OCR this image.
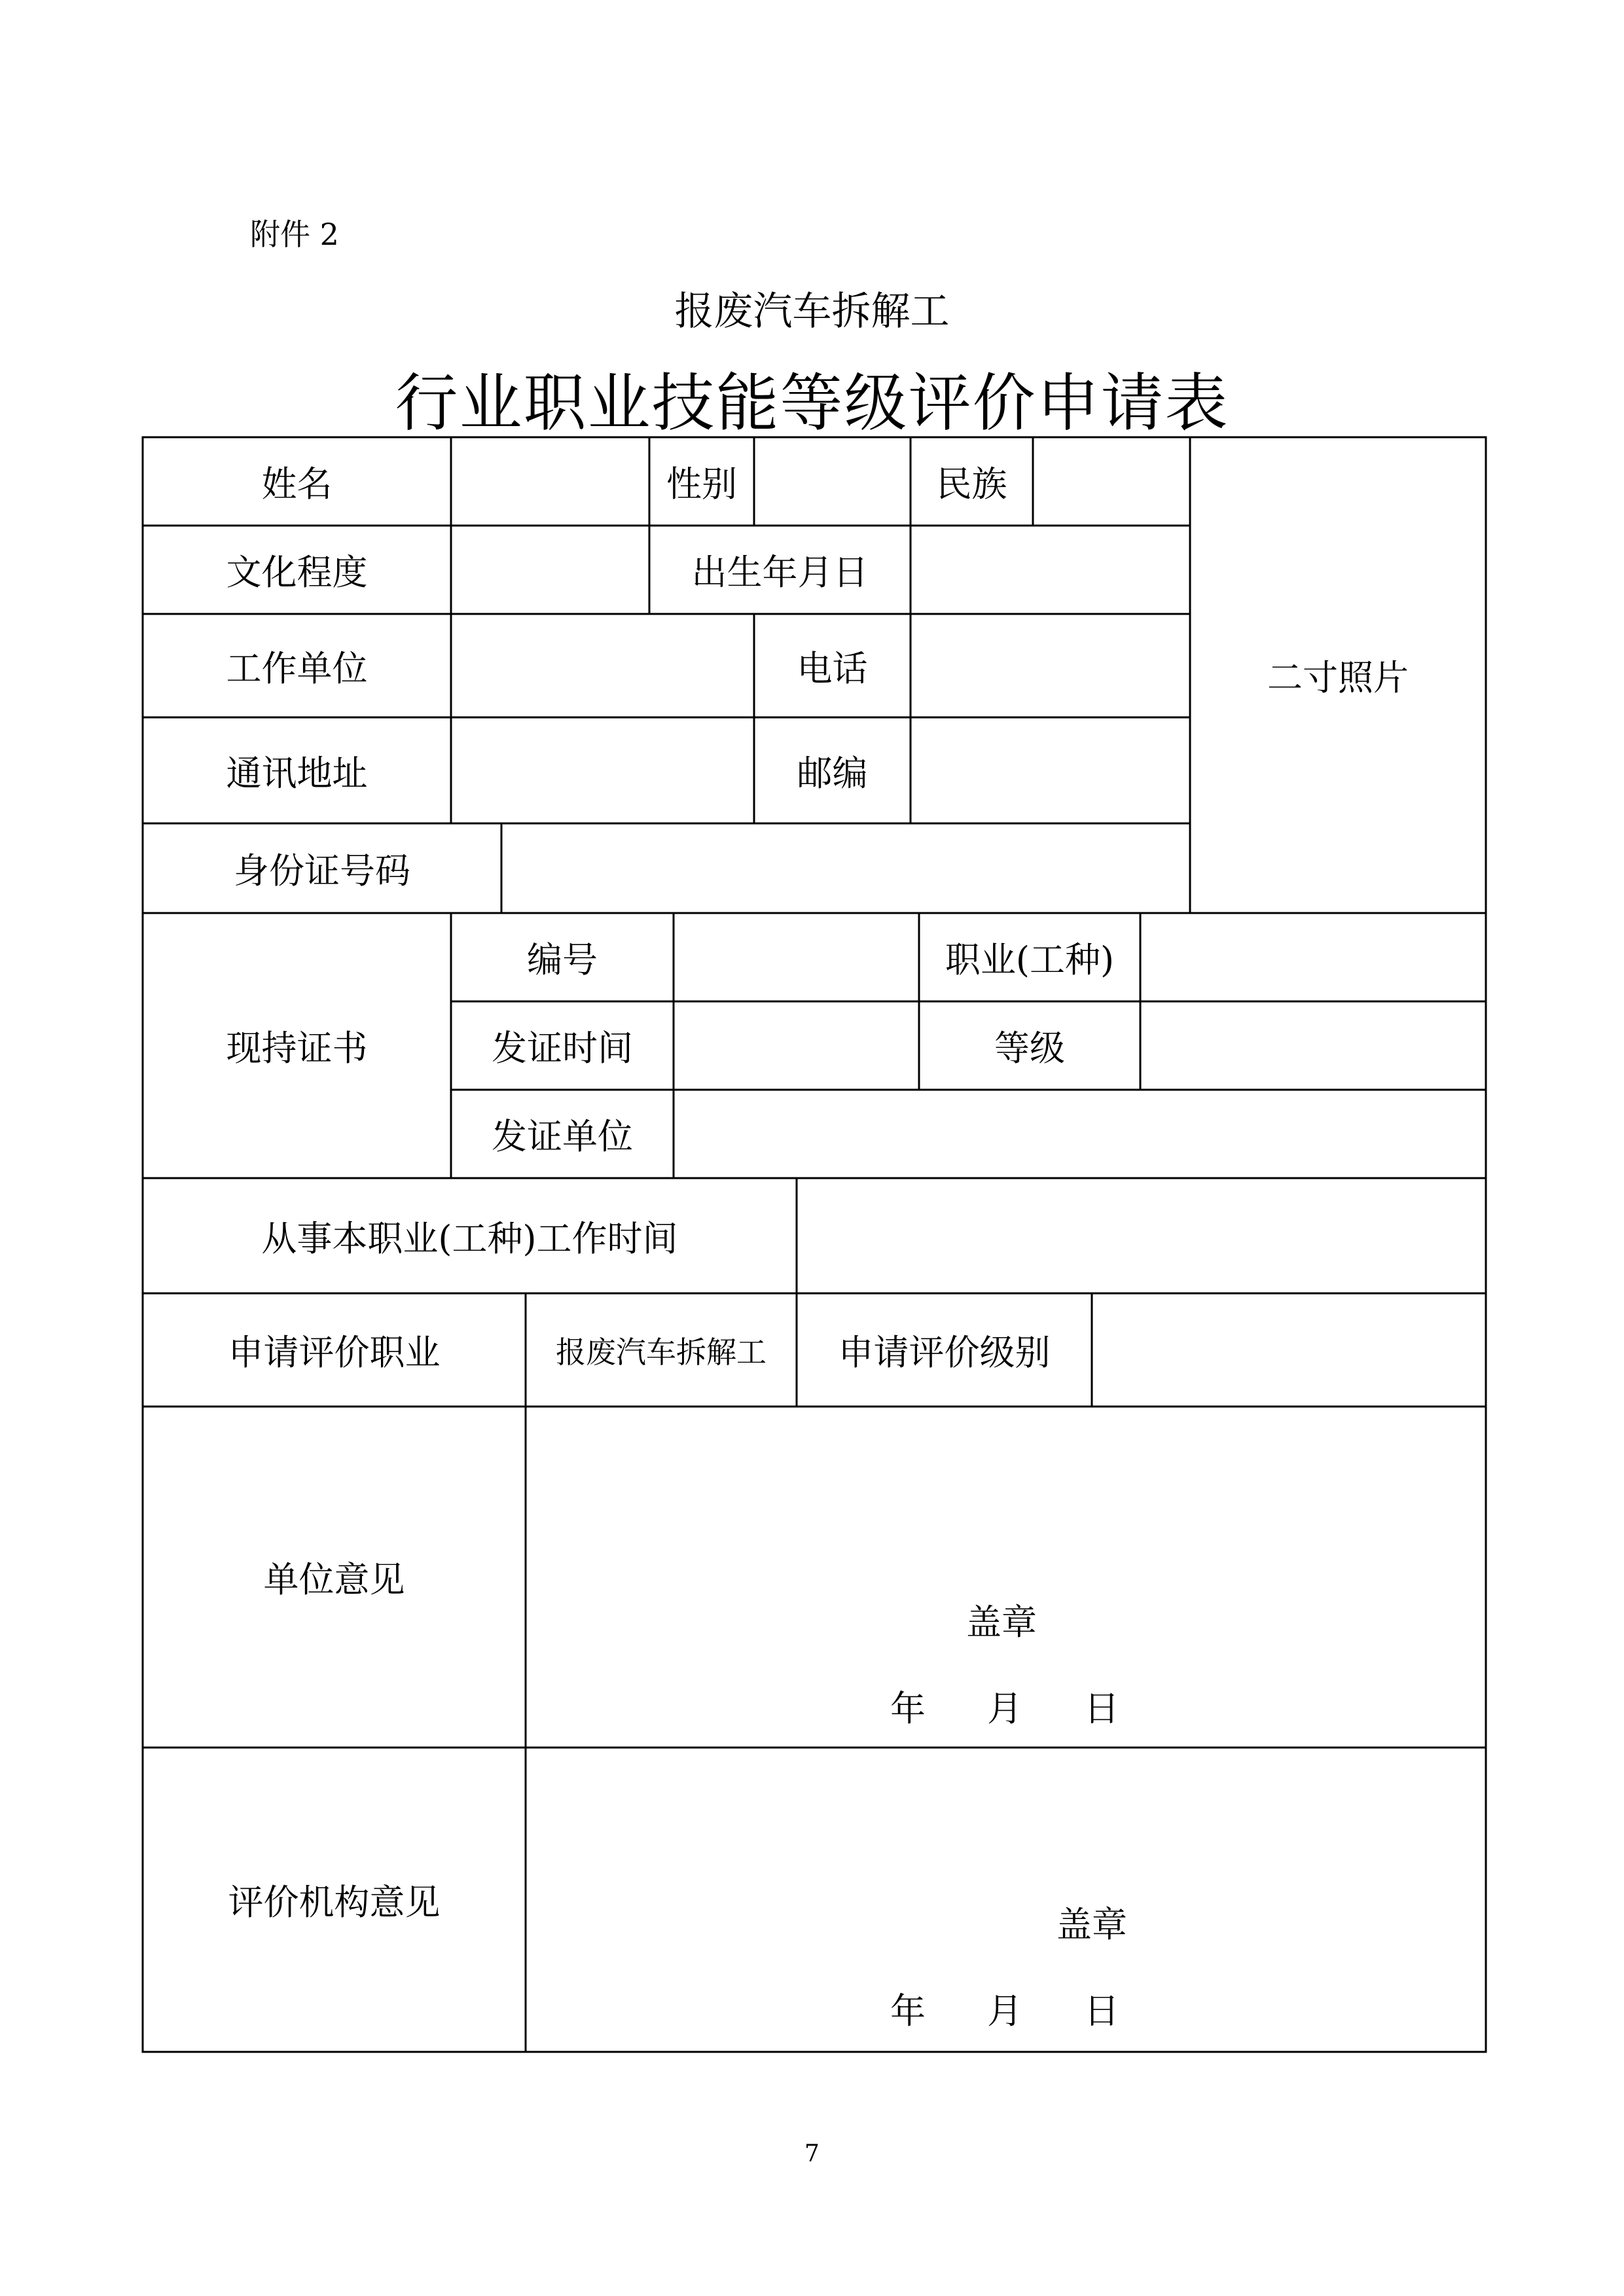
附件 2
报废汽车拆解工
行业职业技能等级评价申请表
姓名	性别	民族
文化程度	出生年月日
二寸照片
工作单位	电话
通讯地址	邮编
身份证号码
现持证书
编号	职业(工种)
发证时间	等级
发证单位
从事本职业(工种)工作时间
申请评价职业	报废汽车拆解工	申请评价级别
单位意见
盖章
年 月 日
评价机构意见
盖章
年 月 日
7
